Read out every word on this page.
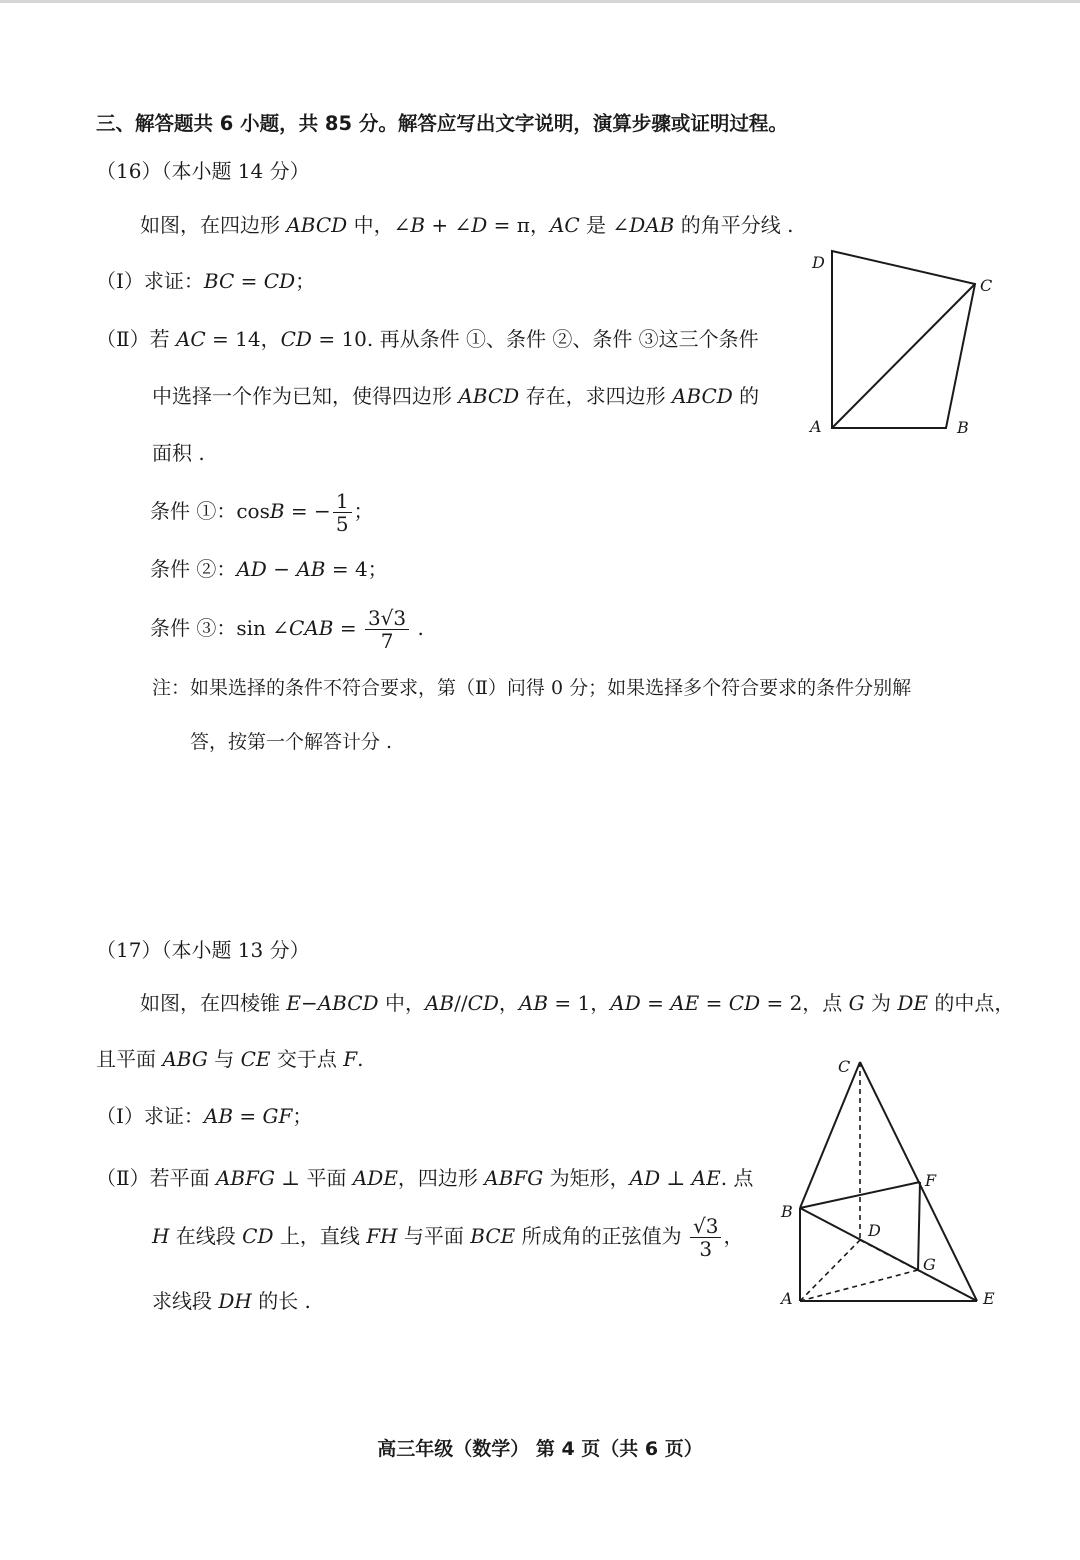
三、解答题共 6 小题，共 85 分。解答应写出文字说明，演算步骤或证明过程。
（16）（本小题 14 分）
如图，在四边形 ABCD 中，∠B + ∠D = π，AC 是 ∠DAB 的角平分线 .
（Ⅰ）求证：BC = CD；
（Ⅱ）若 AC = 14，CD = 10. 再从条件 ①、条件 ②、条件 ③这三个条件
中选择一个作为已知，使得四边形 ABCD 存在，求四边形 ABCD 的
面积 .
条件 ①：cosB = − $\frac{1}{5}$ ；
条件 ②：AD − AB = 4；
条件 ③：sin ∠CAB = $\frac{3√3}{7}$ .
注：如果选择的条件不符合要求，第（Ⅱ）问得 0 分；如果选择多个符合要求的条件分别解
答，按第一个解答计分 .
D
C
A	B
（17）（本小题 13 分）
如图，在四棱锥 E−ABCD 中，AB//CD，AB = 1，AD = AE = CD = 2，点 G 为 DE 的中点，
且平面 ABG 与 CE 交于点 F.
（Ⅰ）求证：AB = GF；
（Ⅱ）若平面 ABFG ⊥ 平面 ADE，四边形 ABFG 为矩形，AD ⊥ AE. 点
H 在线段 CD 上，直线 FH 与平面 BCE 所成角的正弦值为 $\frac{√3}{3}$ ，
求线段 DH 的长 .
C
F
B
D
G
A	E
高三年级（数学） 第 4 页（共 6 页）
